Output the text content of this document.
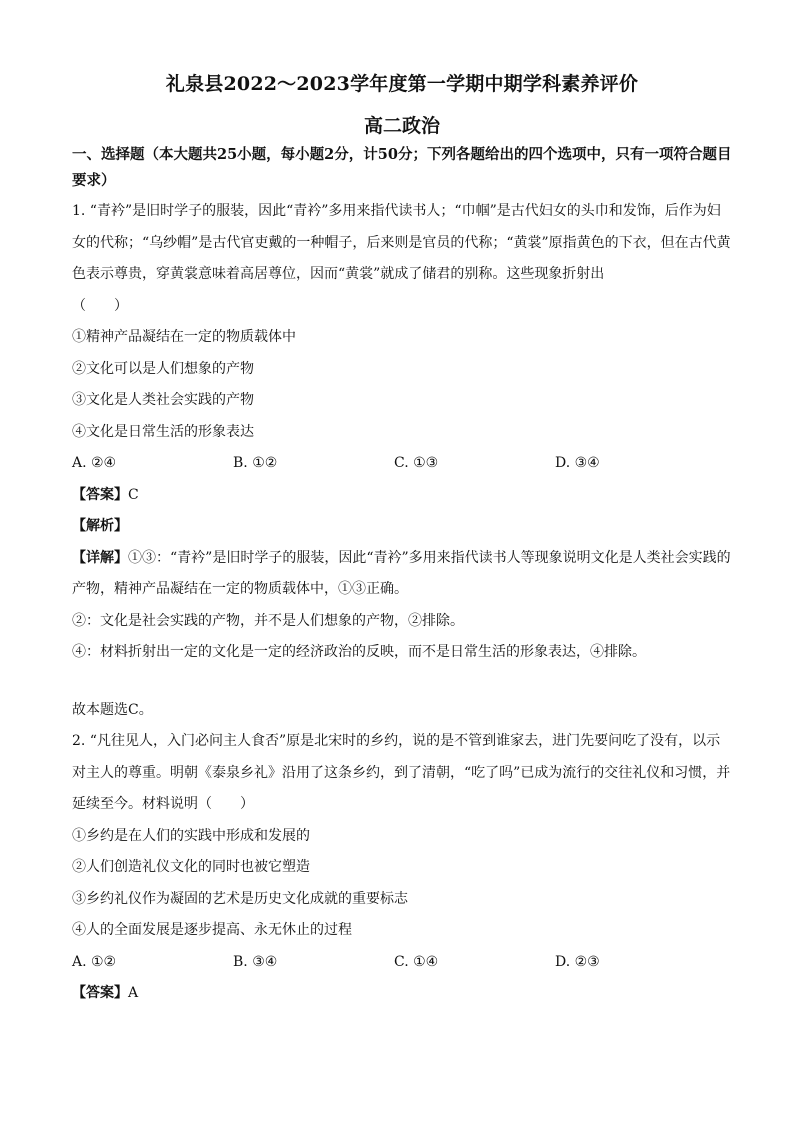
礼泉县2022～2023学年度第一学期中期学科素养评价
高二政治

一、选择题（本大题共25小题，每小题2分，计50分；下列各题给出的四个选项中，只有一项符合题目要求）

1. “青衿”是旧时学子的服装，因此“青衿”多用来指代读书人；“巾帼”是古代妇女的头巾和发饰，后作为妇女的代称；“乌纱帽”是古代官吏戴的一种帽子，后来则是官员的代称；“黄裳”原指黄色的下衣，但在古代黄色表示尊贵，穿黄裳意味着高居尊位，因而“黄裳”就成了储君的别称。这些现象折射出

（　　）

①精神产品凝结在一定的物质载体中

②文化可以是人们想象的产物

③文化是人类社会实践的产物

④文化是日常生活的形象表达

A. ②④	B. ①②	C. ①③	D. ③④

【答案】C

【解析】

【详解】①③：“青衿”是旧时学子的服装，因此“青衿”多用来指代读书人等现象说明文化是人类社会实践的产物，精神产品凝结在一定的物质载体中，①③正确。

②：文化是社会实践的产物，并不是人们想象的产物，②排除。

④：材料折射出一定的文化是一定的经济政治的反映，而不是日常生活的形象表达，④排除。

故本题选C。

2. “凡往见人，入门必问主人食否”原是北宋时的乡约，说的是不管到谁家去，进门先要问吃了没有，以示对主人的尊重。明朝《泰泉乡礼》沿用了这条乡约，到了清朝，“吃了吗”已成为流行的交往礼仪和习惯，并延续至今。材料说明（　　）

①乡约是在人们的实践中形成和发展的

②人们创造礼仪文化的同时也被它塑造

③乡约礼仪作为凝固的艺术是历史文化成就的重要标志

④人的全面发展是逐步提高、永无休止的过程

A. ①②	B. ③④	C. ①④	D. ②③

【答案】A
